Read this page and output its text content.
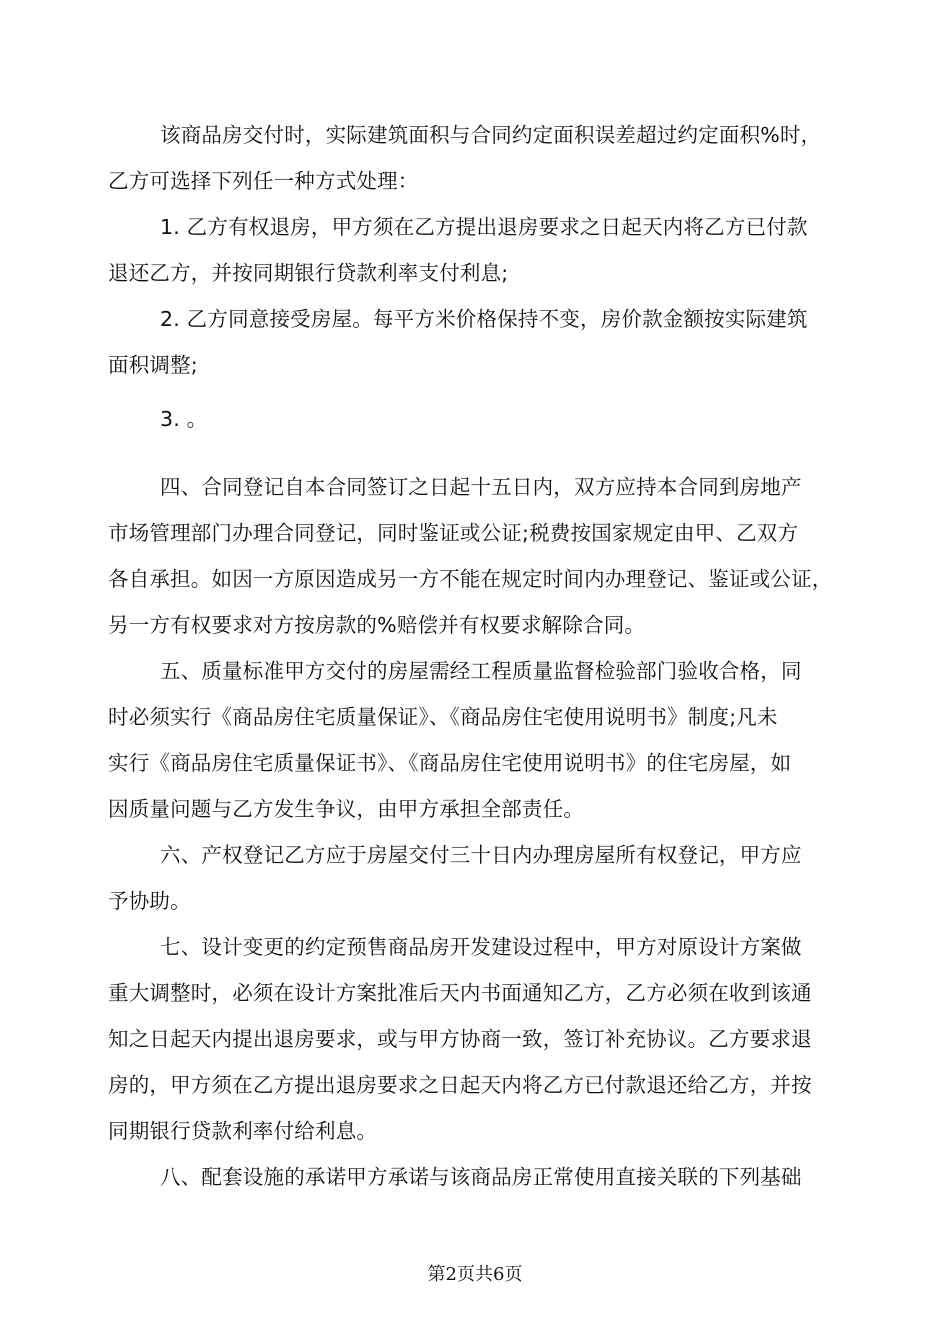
该商品房交付时，实际建筑面积与合同约定面积误差超过约定面积%时，
乙方可选择下列任一种方式处理：
1. 乙方有权退房，甲方须在乙方提出退房要求之日起天内将乙方已付款
退还乙方，并按同期银行贷款利率支付利息;
2. 乙方同意接受房屋。每平方米价格保持不变，房价款金额按实际建筑
面积调整;
3. 。
四、合同登记自本合同签订之日起十五日内，双方应持本合同到房地产
市场管理部门办理合同登记，同时鉴证或公证;税费按国家规定由甲、乙双方
各自承担。如因一方原因造成另一方不能在规定时间内办理登记、鉴证或公证，
另一方有权要求对方按房款的%赔偿并有权要求解除合同。
五、质量标准甲方交付的房屋需经工程质量监督检验部门验收合格，同
时必须实行《商品房住宅质量保证》、《商品房住宅使用说明书》制度;凡未
实行《商品房住宅质量保证书》、《商品房住宅使用说明书》的住宅房屋，如
因质量问题与乙方发生争议，由甲方承担全部责任。
六、产权登记乙方应于房屋交付三十日内办理房屋所有权登记，甲方应
予协助。
七、设计变更的约定预售商品房开发建设过程中，甲方对原设计方案做
重大调整时，必须在设计方案批准后天内书面通知乙方，乙方必须在收到该通
知之日起天内提出退房要求，或与甲方协商一致，签订补充协议。乙方要求退
房的，甲方须在乙方提出退房要求之日起天内将乙方已付款退还给乙方，并按
同期银行贷款利率付给利息。
八、配套设施的承诺甲方承诺与该商品房正常使用直接关联的下列基础
第2页共6页
